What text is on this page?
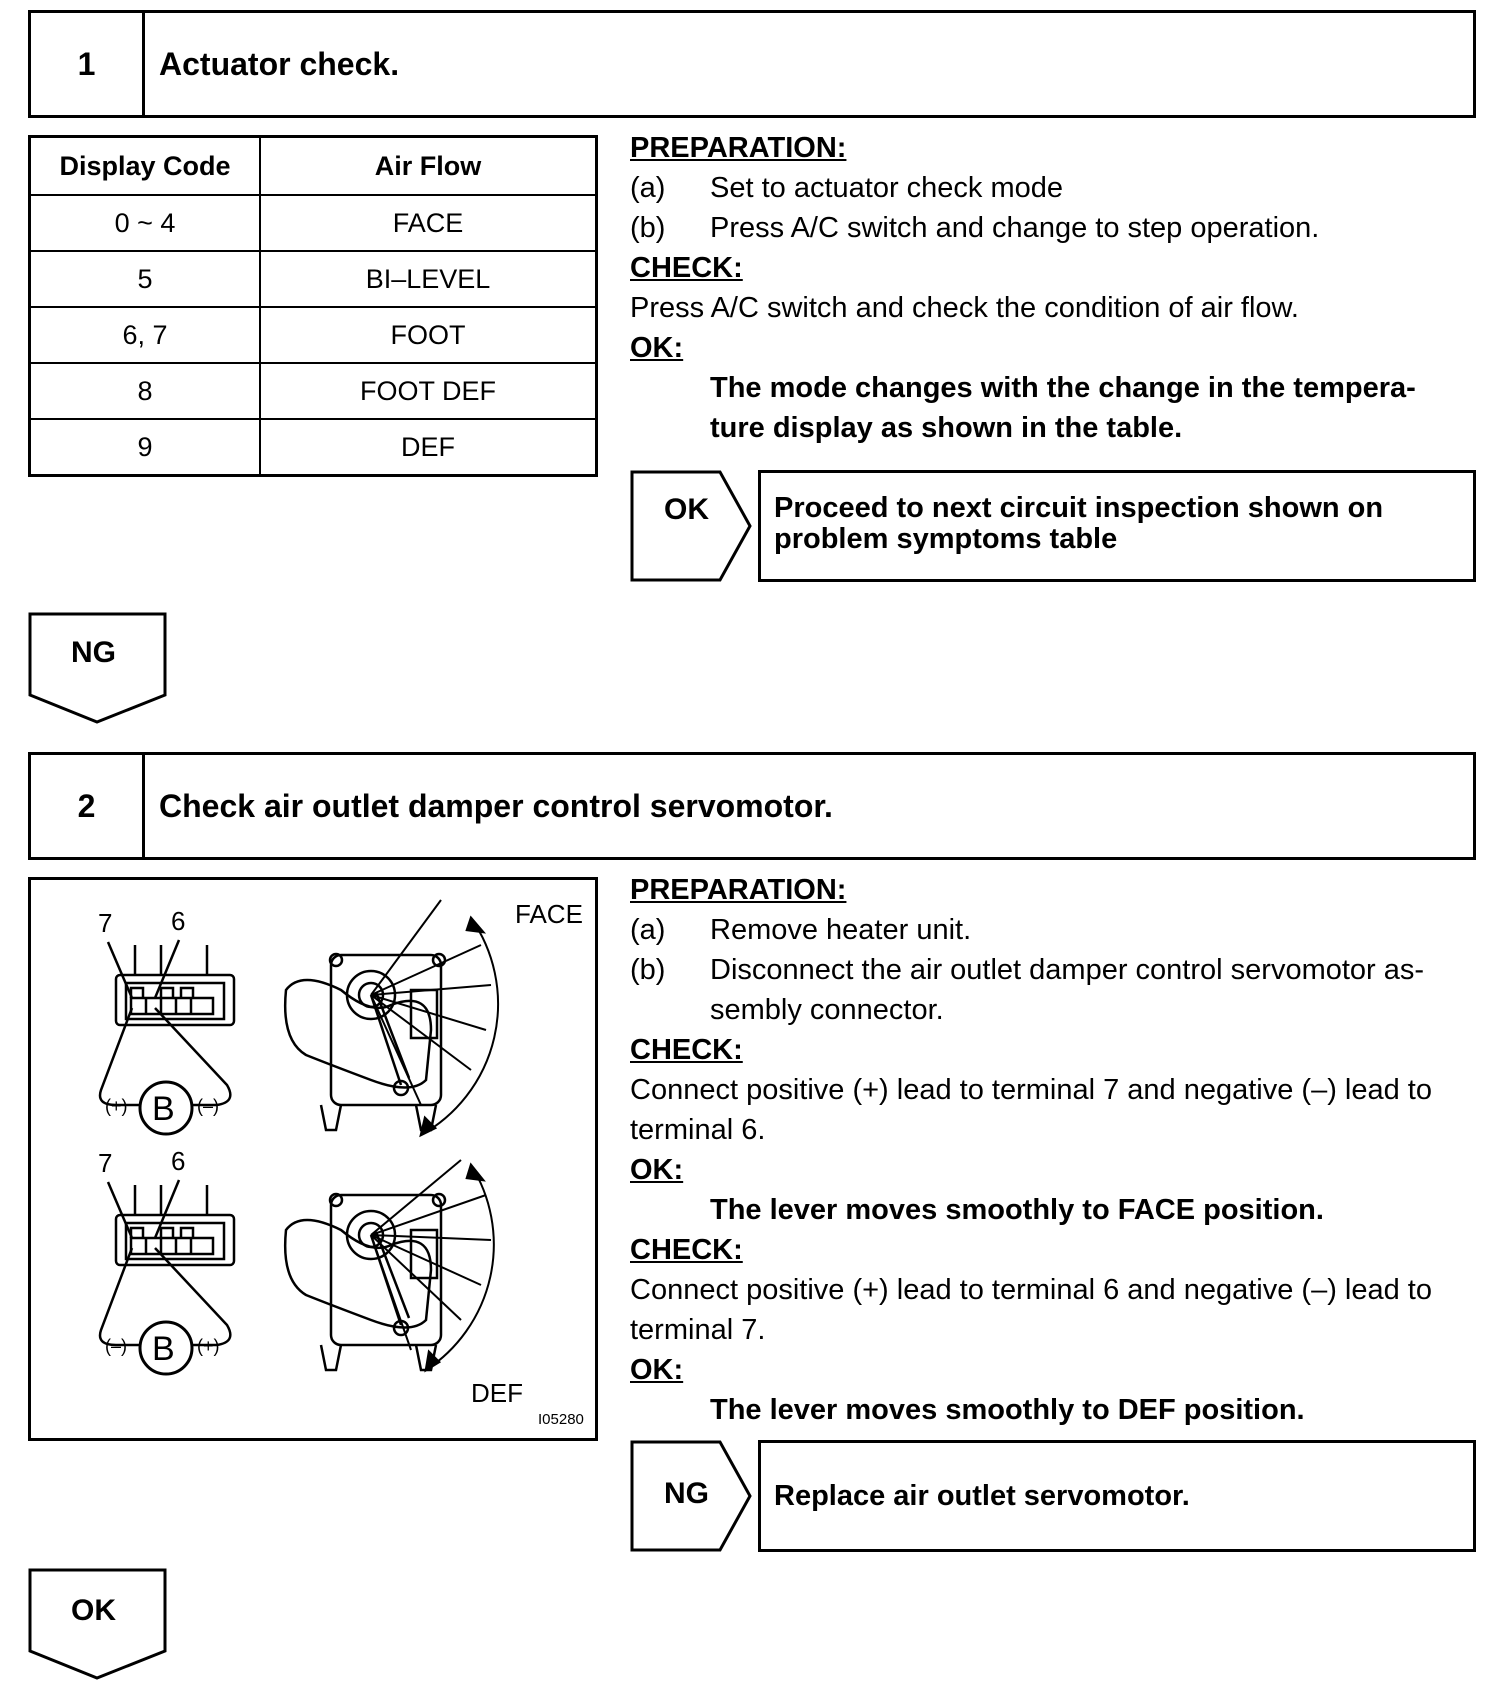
1	Actuator check.
Display Code	Air Flow
0 ~ 4	FACE
5	BI–LEVEL
6, 7	FOOT
8	FOOT DEF
9	DEF
PREPARATION:
(a) Set to actuator check mode
(b) Press A/C switch and change to step operation.
CHECK:
Press A/C switch and check the condition of air flow.
OK:
The mode changes with the change in the tempera-
ture display as shown in the table.
OK Proceed to next circuit inspection shown on
problem symptoms table
NG
2	Check air outlet damper control servomotor.
7 6
(+)	(–)
B
7 6
(–)	(+)
B
FACE
DEF
I05280
PREPARATION:
(a) Remove heater unit.
(b) Disconnect the air outlet damper control servomotor as-
sembly connector.
CHECK:
Connect positive (+) lead to terminal 7 and negative (–) lead to
terminal 6.
OK:
The lever moves smoothly to FACE position.
CHECK:
Connect positive (+) lead to terminal 6 and negative (–) lead to
terminal 7.
OK:
The lever moves smoothly to DEF position.
NG Replace air outlet servomotor.
OK
